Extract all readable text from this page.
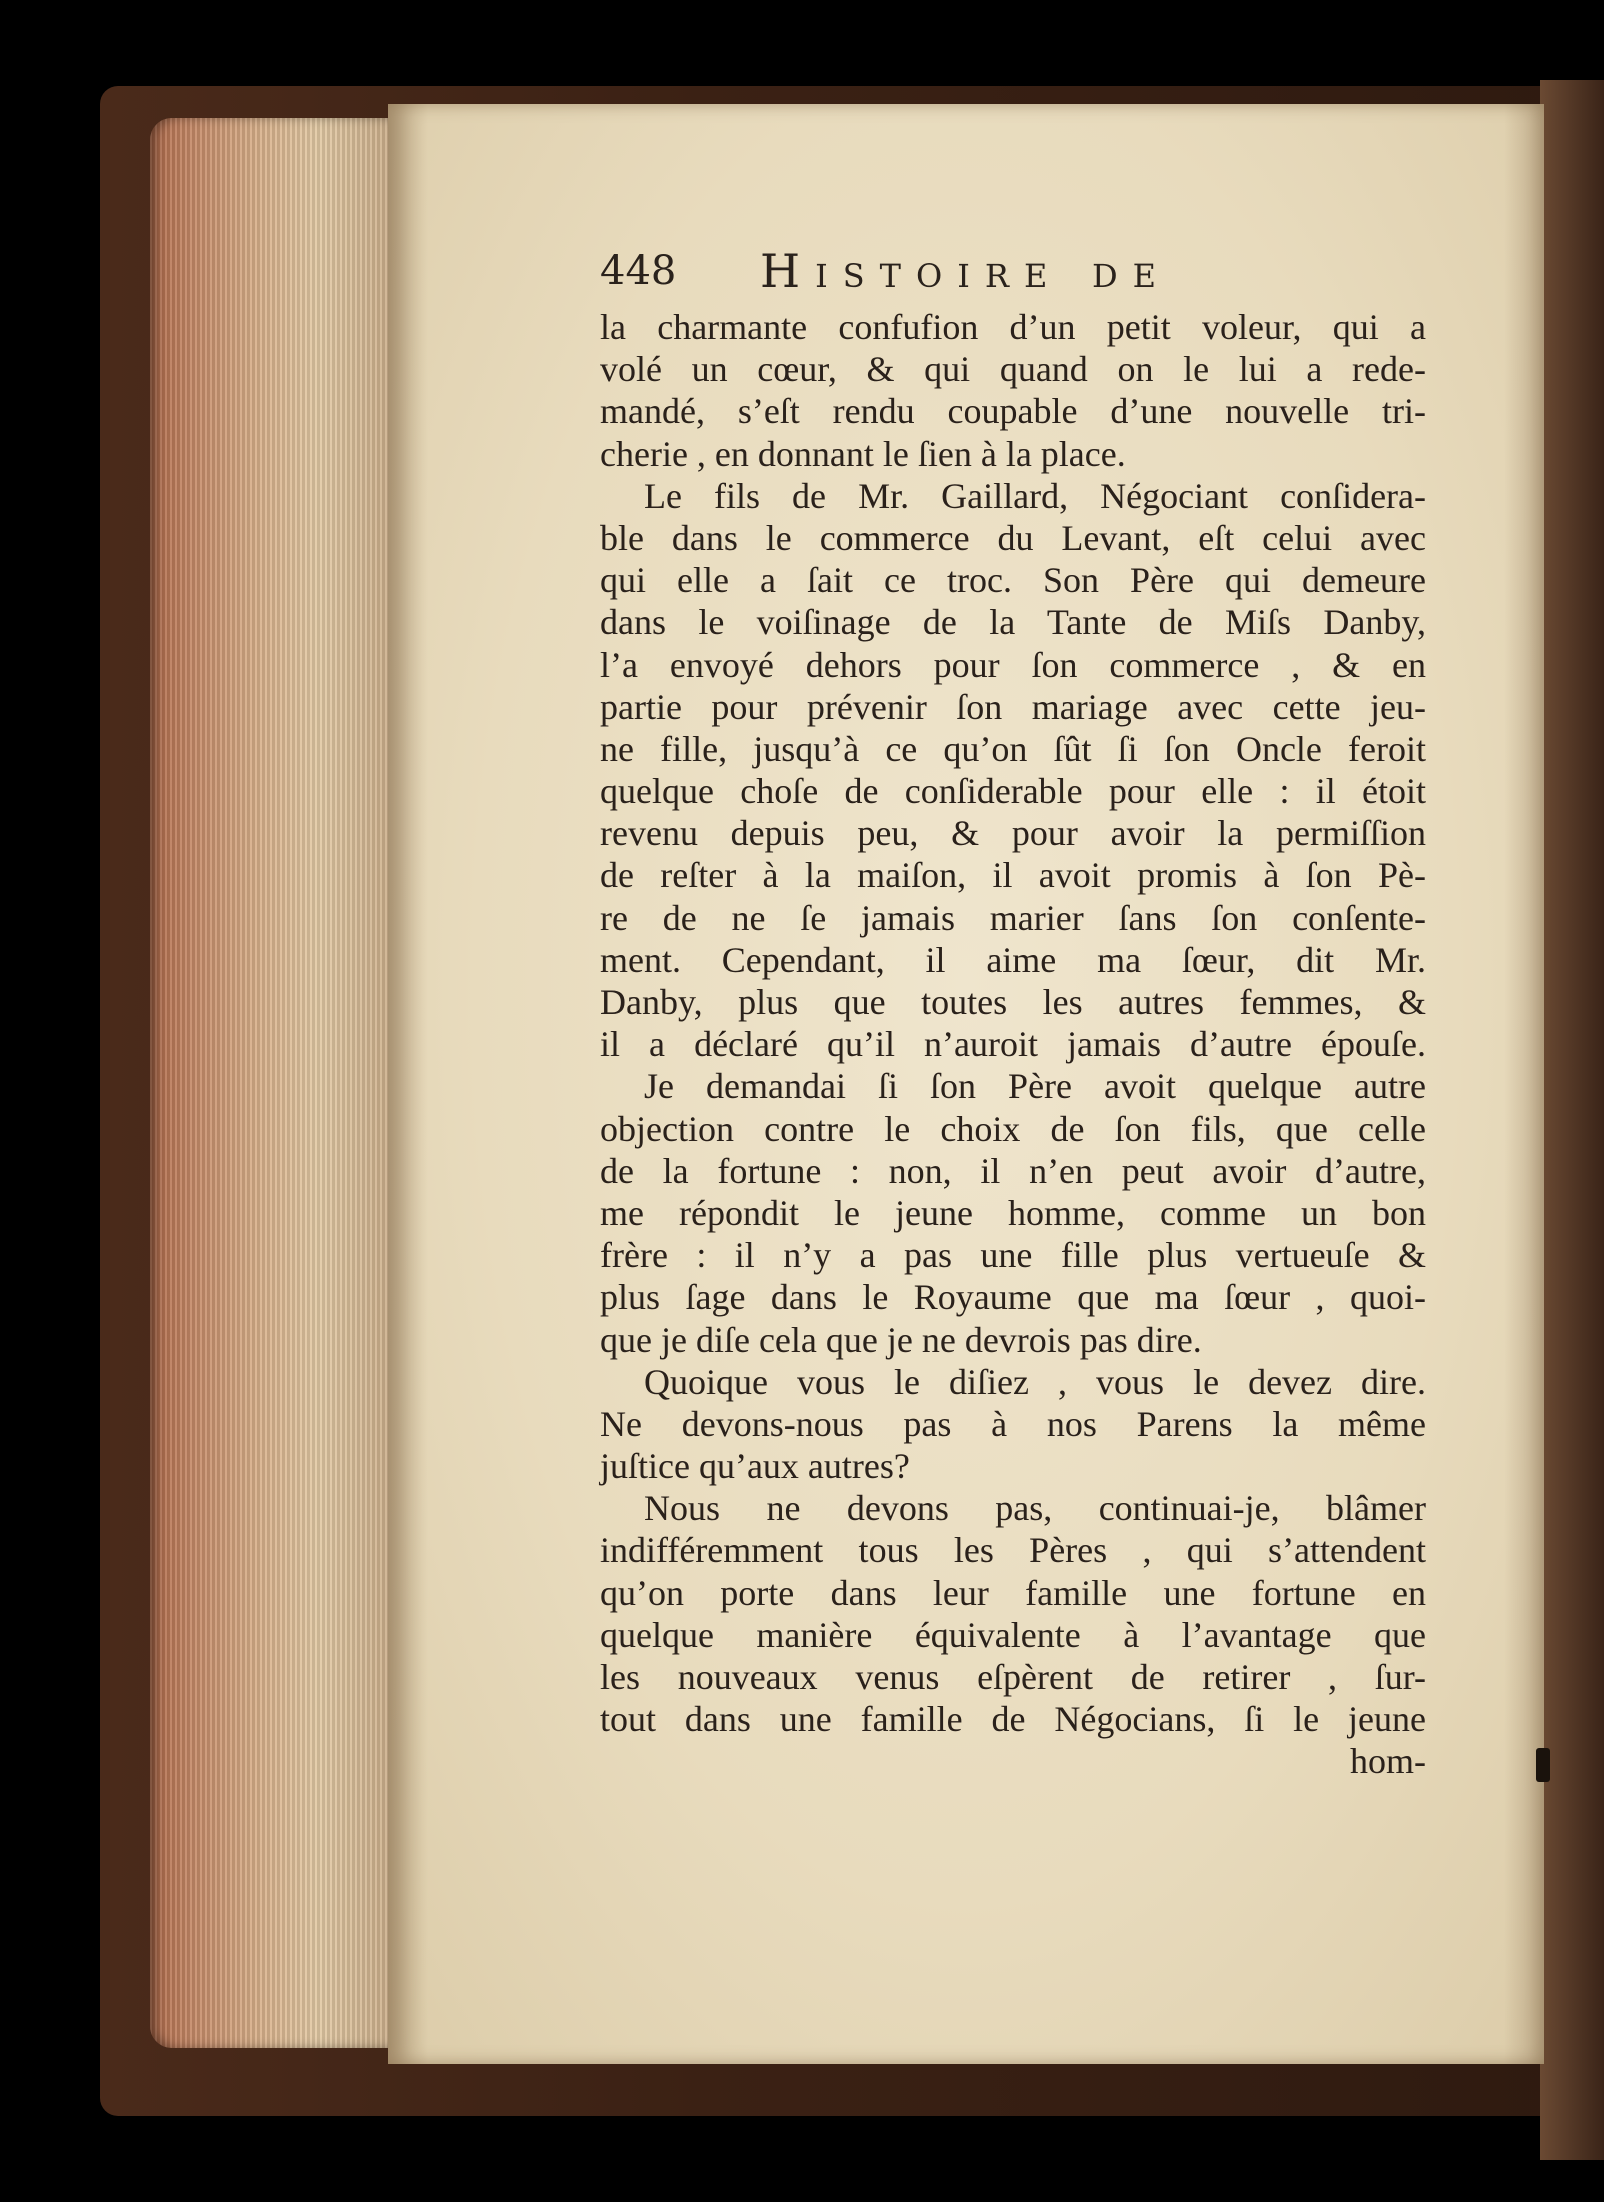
448 Histoire de
la charmante confufion d’un petit voleur, qui a
volé un cœur, & qui quand on le lui a rede-
mandé, s’eſt rendu coupable d’une nouvelle tri-
cherie , en donnant le ſien à la place.
Le fils de Mr. Gaillard, Négociant conſidera-
ble dans le commerce du Levant, eſt celui avec
qui elle a ſait ce troc. Son Père qui demeure
dans le voiſinage de la Tante de Miſs Danby,
l’a envoyé dehors pour ſon commerce , & en
partie pour prévenir ſon mariage avec cette jeu-
ne fille, jusqu’à ce qu’on ſût ſi ſon Oncle feroit
quelque choſe de conſiderable pour elle : il étoit
revenu depuis peu, & pour avoir la permiſſion
de reſter à la maiſon, il avoit promis à ſon Pè-
re de ne ſe jamais marier ſans ſon conſente-
ment. Cependant, il aime ma ſœur, dit Mr.
Danby, plus que toutes les autres femmes, &
il a déclaré qu’il n’auroit jamais d’autre épouſe.
Je demandai ſi ſon Père avoit quelque autre
objection contre le choix de ſon fils, que celle
de la fortune : non, il n’en peut avoir d’autre,
me répondit le jeune homme, comme un bon
frère : il n’y a pas une fille plus vertueuſe &
plus ſage dans le Royaume que ma ſœur , quoi-
que je diſe cela que je ne devrois pas dire.
Quoique vous le diſiez , vous le devez dire.
Ne devons-nous pas à nos Parens la même
juſtice qu’aux autres?
Nous ne devons pas, continuai-je, blâmer
indifféremment tous les Pères , qui s’attendent
qu’on porte dans leur famille une fortune en
quelque manière équivalente à l’avantage que
les nouveaux venus eſpèrent de retirer , ſur-
tout dans une famille de Négocians, ſi le jeune
hom-
